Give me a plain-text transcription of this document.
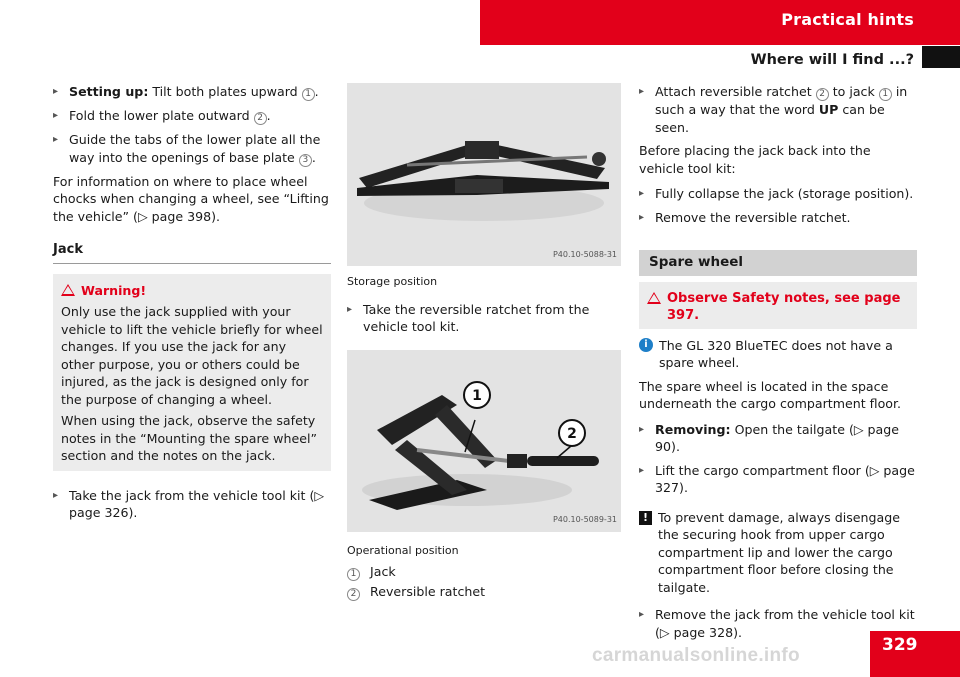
Practical hints
Where will I find ...?
▸ Setting up: Tilt both plates upward 1 .
▸ Fold the lower plate outward 2 .
▸ Guide the tabs of the lower plate all the way into the openings of base plate 3 .
For information on where to place wheel chocks when changing a wheel, see “Lifting the vehicle” (▷ page 398).
Jack
Warning!
Only use the jack supplied with your vehicle to lift the vehicle briefly for wheel changes. If you use the jack for any other purpose, you or others could be injured, as the jack is designed only for the purpose of changing a wheel.
When using the jack, observe the safety notes in the “Mounting the spare wheel” section and the notes on the jack.
▸ Take the jack from the vehicle tool kit (▷ page 326).
P40.10-5088-31
Storage position
▸ Take the reversible ratchet from the vehicle tool kit.
1
2
P40.10-5089-31
Operational position
1 Jack
2 Reversible ratchet
▸ Attach reversible ratchet 2 to jack 1 in such a way that the word UP can be seen.
Before placing the jack back into the vehicle tool kit:
▸ Fully collapse the jack (storage position).
▸ Remove the reversible ratchet.
Spare wheel
Observe Safety notes, see page 397.
i The GL 320 BlueTEC does not have a spare wheel.
The spare wheel is located in the space underneath the cargo compartment floor.
▸ Removing: Open the tailgate (▷ page 90).
▸ Lift the cargo compartment floor (▷ page 327).
! To prevent damage, always disengage the securing hook from upper cargo compartment lip and lower the cargo compartment floor before closing the tailgate.
▸ Remove the jack from the vehicle tool kit (▷ page 328).
carmanualsonline.info	329
